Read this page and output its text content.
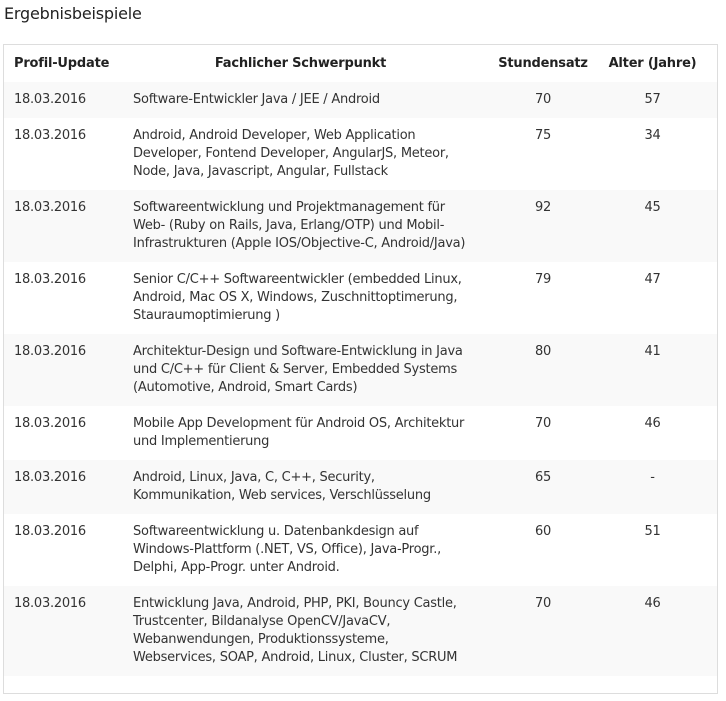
Ergebnisbeispiele
Profil-Update	Fachlicher Schwerpunkt	Stundensatz	Alter (Jahre)
18.03.2016	Software-Entwickler Java / JEE / Android	70	57
18.03.2016	Android, Android Developer, Web Application Developer, Fontend Developer, AngularJS, Meteor, Node, Java, Javascript, Angular, Fullstack	75	34
18.03.2016	Softwareentwicklung und Projektmanagement für Web- (Ruby on Rails, Java, Erlang/OTP) und Mobil-Infrastrukturen (Apple IOS/Objective-C, Android/Java)	92	45
18.03.2016	Senior C/C++ Softwareentwickler (embedded Linux, Android, Mac OS X, Windows, Zuschnittoptimerung, Stauraumoptimierung )	79	47
18.03.2016	Architektur-Design und Software-Entwicklung in Java und C/C++ für Client & Server, Embedded Systems (Automotive, Android, Smart Cards)	80	41
18.03.2016	Mobile App Development für Android OS, Architektur und Implementierung	70	46
18.03.2016	Android, Linux, Java, C, C++, Security, Kommunikation, Web services, Verschlüsselung	65	-
18.03.2016	Softwareentwicklung u. Datenbankdesign auf Windows-Plattform (.NET, VS, Office), Java-Progr., Delphi, App-Progr. unter Android.	60	51
18.03.2016	Entwicklung Java, Android, PHP, PKI, Bouncy Castle, Trustcenter, Bildanalyse OpenCV/JavaCV, Webanwendungen, Produktionssysteme, Webservices, SOAP, Android, Linux, Cluster, SCRUM	70	46
